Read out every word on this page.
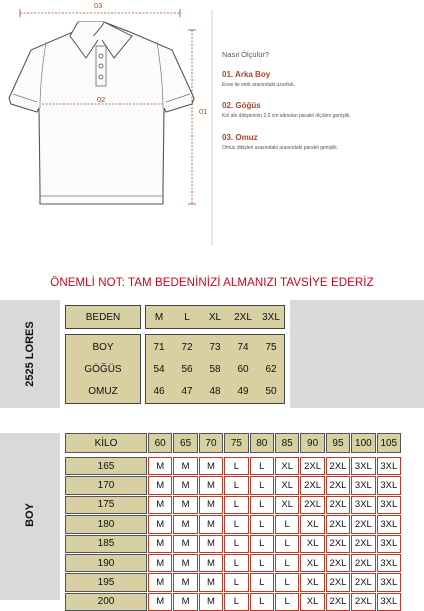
03
02
01
Nasıl Ölçülür?
01. Arka Boy
Ense ile etek arasındaki uzunluk.
02. Göğüs
Kol altı dikişlerinin 2,5 cm altından paralel ölçülen genişlik.
03. Omuz
Omuz dikişleri arasındaki arasındaki paralel genişlik.
ÖNEMLİ NOT: TAM BEDENİNİZİ ALMANIZI TAVSİYE EDERİZ
2525 LORES
BEDEN	M	L	XL	2XL	3XL
BOY	71	72	73	74	75
GÖĞÜS	54	56	58	60	62
OMUZ	46	47	48	49	50
BOY
KİLO	60	65	70	75	80	85	90	95	100 105
165	M	M	M	L	L	XL	2XL 2XL 3XL 3XL
170	M	M	M	L	L	XL	2XL 2XL 3XL 3XL
175	M	M	M	L	L	XL	2XL 2XL 3XL 3XL
180	M	M	M	L	L	L	XL	2XL 2XL 3XL
185	M	M	M	L	L	L	XL	2XL 2XL 3XL
190	M	M	M	L	L	L	XL	2XL 2XL 3XL
195	M	M	M	L	L	L	XL	2XL 2XL 3XL
200	M	M	M	L	L	L	XL	2XL 2XL 3XL
